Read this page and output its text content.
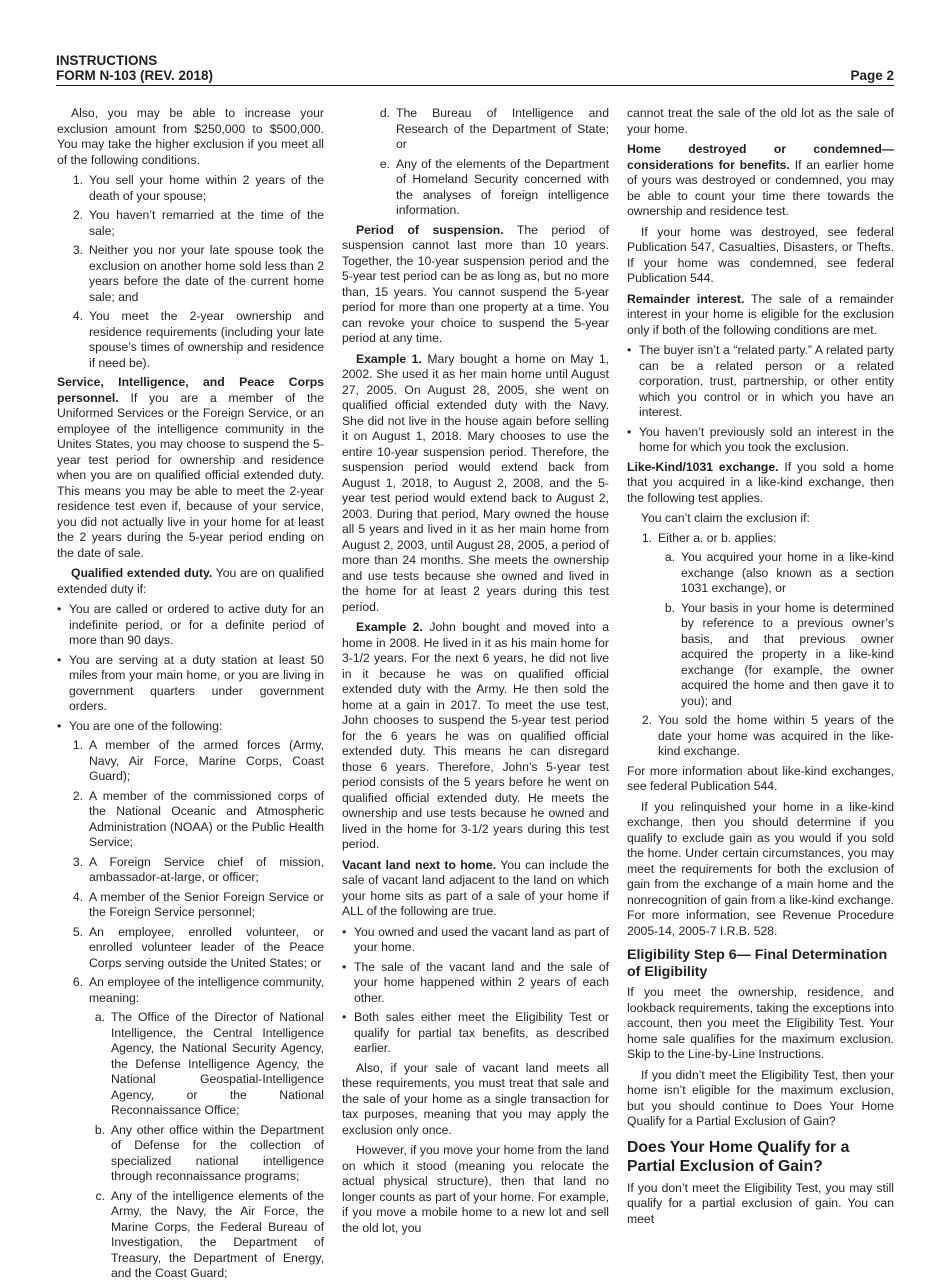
INSTRUCTIONS
FORM N-103 (REV. 2018)	Page 2

Also, you may be able to increase your exclusion amount from $250,000 to $500,000. You may take the higher exclusion if you meet all of the following conditions.

1. You sell your home within 2 years of the death of your spouse;
2. You haven’t remarried at the time of the sale;
3. Neither you nor your late spouse took the exclusion on another home sold less than 2 years before the date of the current home sale; and
4. You meet the 2-year ownership and residence requirements (including your late spouse’s times of ownership and residence if need be).

Service, Intelligence, and Peace Corps personnel. If you are a member of the Uniformed Services or the Foreign Service, or an employee of the intelligence community in the Unites States, you may choose to suspend the 5-year test period for ownership and residence when you are on qualified official extended duty. This means you may be able to meet the 2-year residence test even if, because of your service, you did not actually live in your home for at least the 2 years during the 5-year period ending on the date of sale.

Qualified extended duty. You are on qualified extended duty if:

• You are called or ordered to active duty for an indefinite period, or for a definite period of more than 90 days.
• You are serving at a duty station at least 50 miles from your main home, or you are living in government quarters under government orders.
• You are one of the following:
1. A member of the armed forces (Army, Navy, Air Force, Marine Corps, Coast Guard);
2. A member of the commissioned corps of the National Oceanic and Atmospheric Administration (NOAA) or the Public Health Service;
3. A Foreign Service chief of mission, ambassador-at-large, or officer;
4. A member of the Senior Foreign Service or the Foreign Service personnel;
5. An employee, enrolled volunteer, or enrolled volunteer leader of the Peace Corps serving outside the United States; or
6. An employee of the intelligence community, meaning:
a. The Office of the Director of National Intelligence, the Central Intelligence Agency, the National Security Agency, the Defense Intelligence Agency, the National Geospatial-Intelligence Agency, or the National Reconnaissance Office;
b. Any other office within the Department of Defense for the collection of specialized national intelligence through reconnaissance programs;
c. Any of the intelligence elements of the Army, the Navy, the Air Force, the Marine Corps, the Federal Bureau of Investigation, the Department of Treasury, the Department of Energy, and the Coast Guard;
d. The Bureau of Intelligence and Research of the Department of State; or
e. Any of the elements of the Department of Homeland Security concerned with the analyses of foreign intelligence information.

Period of suspension. The period of suspension cannot last more than 10 years. Together, the 10-year suspension period and the 5-year test period can be as long as, but no more than, 15 years. You cannot suspend the 5-year period for more than one property at a time. You can revoke your choice to suspend the 5-year period at any time.

Example 1. Mary bought a home on May 1, 2002. She used it as her main home until August 27, 2005. On August 28, 2005, she went on qualified official extended duty with the Navy. She did not live in the house again before selling it on August 1, 2018. Mary chooses to use the entire 10-year suspension period. Therefore, the suspension period would extend back from August 1, 2018, to August 2, 2008, and the 5-year test period would extend back to August 2, 2003. During that period, Mary owned the house all 5 years and lived in it as her main home from August 2, 2003, until August 28, 2005, a period of more than 24 months. She meets the ownership and use tests because she owned and lived in the home for at least 2 years during this test period.

Example 2. John bought and moved into a home in 2008. He lived in it as his main home for 3-1/2 years. For the next 6 years, he did not live in it because he was on qualified official extended duty with the Army. He then sold the home at a gain in 2017. To meet the use test, John chooses to suspend the 5-year test period for the 6 years he was on qualified official extended duty. This means he can disregard those 6 years. Therefore, John’s 5-year test period consists of the 5 years before he went on qualified official extended duty. He meets the ownership and use tests because he owned and lived in the home for 3-1/2 years during this test period.

Vacant land next to home. You can include the sale of vacant land adjacent to the land on which your home sits as part of a sale of your home if ALL of the following are true.

• You owned and used the vacant land as part of your home.
• The sale of the vacant land and the sale of your home happened within 2 years of each other.
• Both sales either meet the Eligibility Test or qualify for partial tax benefits, as described earlier.

Also, if your sale of vacant land meets all these requirements, you must treat that sale and the sale of your home as a single transaction for tax purposes, meaning that you may apply the exclusion only once.

However, if you move your home from the land on which it stood (meaning you relocate the actual physical structure), then that land no longer counts as part of your home. For example, if you move a mobile home to a new lot and sell the old lot, you

cannot treat the sale of the old lot as the sale of your home.

Home destroyed or condemned—considerations for benefits. If an earlier home of yours was destroyed or condemned, you may be able to count your time there towards the ownership and residence test.

If your home was destroyed, see federal Publication 547, Casualties, Disasters, or Thefts. If your home was condemned, see federal Publication 544.

Remainder interest. The sale of a remainder interest in your home is eligible for the exclusion only if both of the following conditions are met.

• The buyer isn’t a “related party.” A related party can be a related person or a related corporation, trust, partnership, or other entity which you control or in which you have an interest.
• You haven’t previously sold an interest in the home for which you took the exclusion.

Like-Kind/1031 exchange. If you sold a home that you acquired in a like-kind exchange, then the following test applies.

You can’t claim the exclusion if:
1. Either a. or b. applies:
a. You acquired your home in a like-kind exchange (also known as a section 1031 exchange), or
b. Your basis in your home is determined by reference to a previous owner’s basis, and that previous owner acquired the property in a like-kind exchange (for example, the owner acquired the home and then gave it to you); and
2. You sold the home within 5 years of the date your home was acquired in the like-kind exchange.

For more information about like-kind exchanges, see federal Publication 544.

If you relinquished your home in a like-kind exchange, then you should determine if you qualify to exclude gain as you would if you sold the home. Under certain circumstances, you may meet the requirements for both the exclusion of gain from the exchange of a main home and the nonrecognition of gain from a like-kind exchange. For more information, see Revenue Procedure 2005-14, 2005-7 I.R.B. 528.

Eligibility Step 6— Final Determination of Eligibility

If you meet the ownership, residence, and lookback requirements, taking the exceptions into account, then you meet the Eligibility Test. Your home sale qualifies for the maximum exclusion. Skip to the Line-by-Line Instructions.

If you didn’t meet the Eligibility Test, then your home isn’t eligible for the maximum exclusion, but you should continue to Does Your Home Qualify for a Partial Exclusion of Gain?

Does Your Home Qualify for a Partial Exclusion of Gain?

If you don’t meet the Eligibility Test, you may still qualify for a partial exclusion of gain. You can meet
